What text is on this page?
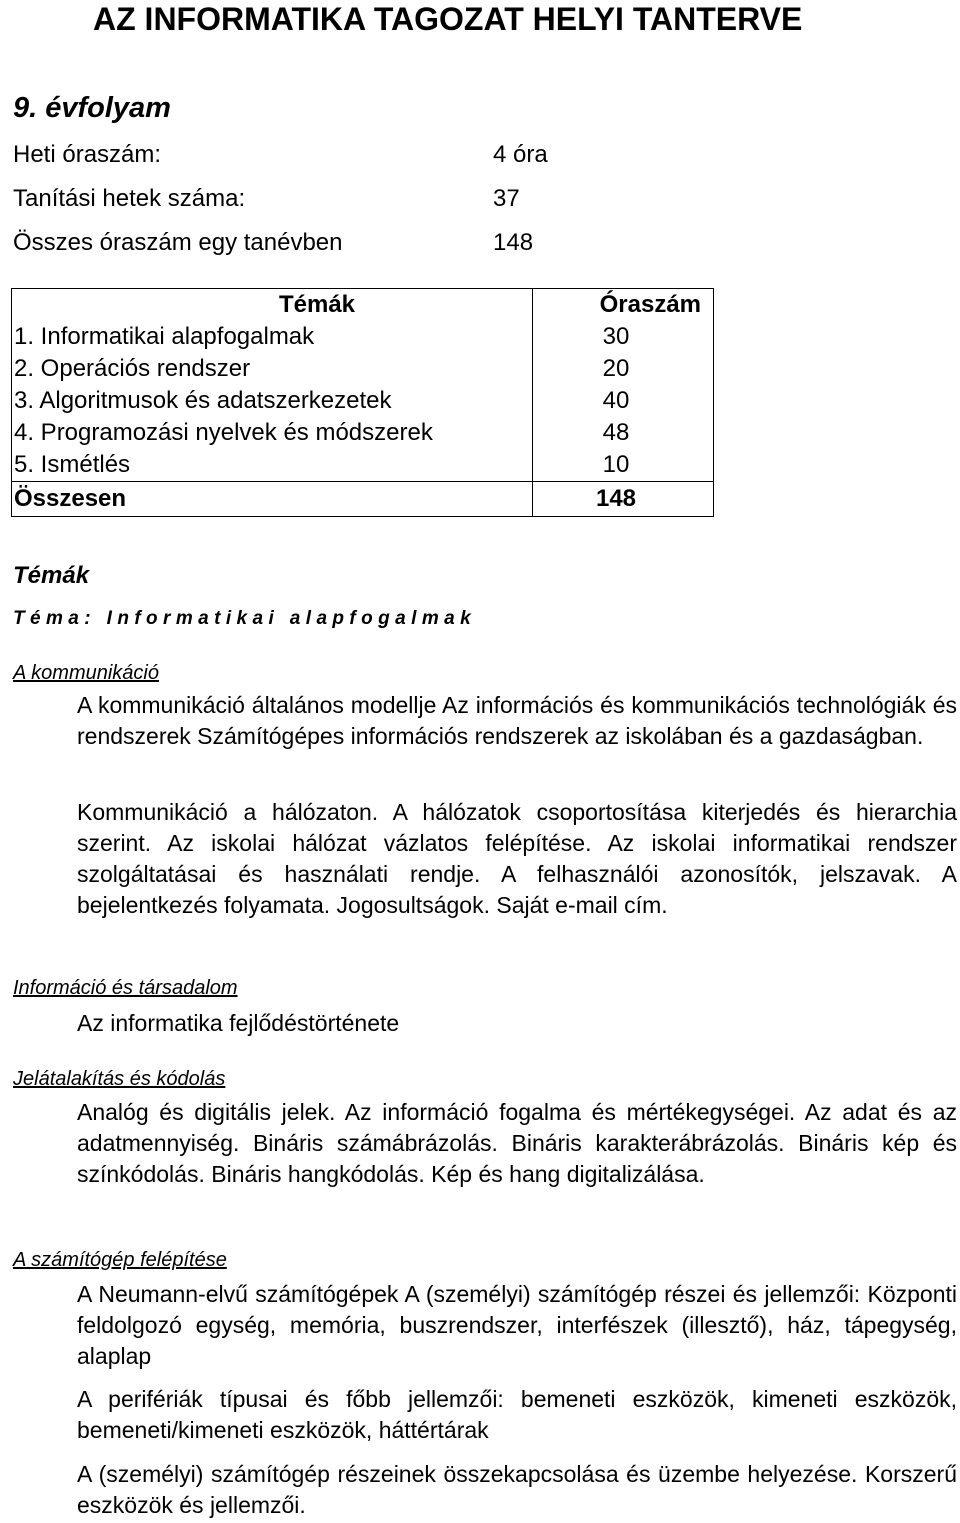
AZ INFORMATIKA TAGOZAT HELYI TANTERVE
9. évfolyam
Heti óraszám:	4 óra
Tanítási hetek száma:	37
Összes óraszám egy tanévben	148
Témák	Óraszám
1. Informatikai alapfogalmak	30
2. Operációs rendszer	20
3. Algoritmusok és adatszerkezetek	40
4. Programozási nyelvek és módszerek	48
5. Ismétlés	10
Összesen	148
Témák
Téma: Informatikai alapfogalmak
A kommunikáció
A kommunikáció általános modellje Az információs és kommunikációs technológiák és rendszerek Számítógépes információs rendszerek az iskolában és a gazdaságban.
Kommunikáció a hálózaton. A hálózatok csoportosítása kiterjedés és hierarchia szerint. Az iskolai hálózat vázlatos felépítése. Az iskolai informatikai rendszer szolgáltatásai és használati rendje. A felhasználói azonosítók, jelszavak. A bejelentkezés folyamata. Jogosultságok. Saját e-mail cím.
Információ és társadalom
Az informatika fejlődéstörténete
Jelátalakítás és kódolás
Analóg és digitális jelek. Az információ fogalma és mértékegységei. Az adat és az adatmennyiség. Bináris számábrázolás. Bináris karakterábrázolás. Bináris kép és színkódolás. Bináris hangkódolás. Kép és hang digitalizálása.
A számítógép felépítése
A Neumann-elvű számítógépek A (személyi) számítógép részei és jellemzői: Központi feldolgozó egység, memória, buszrendszer, interfészek (illesztő), ház, tápegység, alaplap
A perifériák típusai és főbb jellemzői: bemeneti eszközök, kimeneti eszközök, bemeneti/kimeneti eszközök, háttértárak
A (személyi) számítógép részeinek összekapcsolása és üzembe helyezése. Korszerű eszközök és jellemzői.
